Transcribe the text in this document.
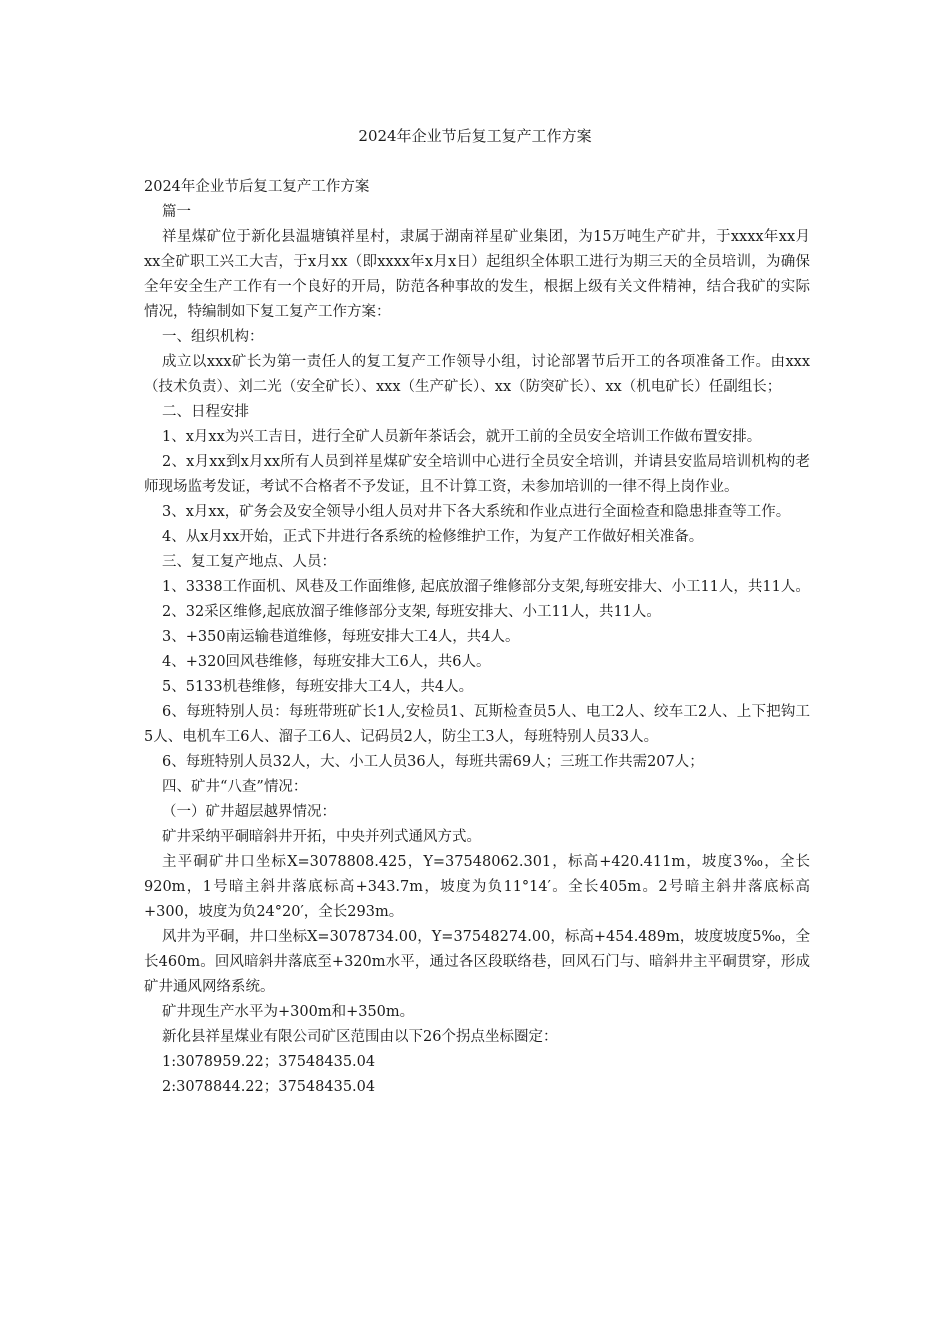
2024年企业节后复工复产工作方案

2024年企业节后复工复产工作方案

篇一

祥星煤矿位于新化县温塘镇祥星村，隶属于湖南祥星矿业集团，为15万吨生产矿井，于xxxx年xx月xx全矿职工兴工大吉，于x月xx（即xxxx年x月x日）起组织全体职工进行为期三天的全员培训，为确保全年安全生产工作有一个良好的开局，防范各种事故的发生，根据上级有关文件精神，结合我矿的实际情况，特编制如下复工复产工作方案：

一、组织机构：

成立以xxx矿长为第一责任人的复工复产工作领导小组，讨论部署节后开工的各项准备工作。由xxx（技术负责）、刘二光（安全矿长）、xxx（生产矿长）、xx（防突矿长）、xx（机电矿长）任副组长；

二、日程安排

1、x月xx为兴工吉日，进行全矿人员新年茶话会，就开工前的全员安全培训工作做布置安排。

2、x月xx到x月xx所有人员到祥星煤矿安全培训中心进行全员安全培训，并请县安监局培训机构的老师现场监考发证，考试不合格者不予发证，且不计算工资，未参加培训的一律不得上岗作业。

3、x月xx，矿务会及安全领导小组人员对井下各大系统和作业点进行全面检查和隐患排查等工作。

4、从x月xx开始，正式下井进行各系统的检修维护工作，为复产工作做好相关准备。

三、复工复产地点、人员：

1、3338工作面机、风巷及工作面维修, 起底放溜子维修部分支架,每班安排大、小工11人，共11人。

2、32采区维修,起底放溜子维修部分支架, 每班安排大、小工11人，共11人。

3、+350南运输巷道维修，每班安排大工4人，共4人。

4、+320回风巷维修，每班安排大工6人，共6人。

5、5133机巷维修，每班安排大工4人，共4人。

6、每班特别人员：每班带班矿长1人,安检员1、瓦斯检查员5人、电工2人、绞车工2人、上下把钩工5人、电机车工6人、溜子工6人、记码员2人，防尘工3人，每班特别人员33人。

6、每班特别人员32人，大、小工人员36人，每班共需69人；三班工作共需207人；

四、矿井“八查”情况：

（一）矿井超层越界情况：

矿井采纳平硐暗斜井开拓，中央并列式通风方式。

主平硐矿井口坐标X=3078808.425，Y=37548062.301，标高+420.411m，坡度3‰，全长920m，1号暗主斜井落底标高+343.7m，坡度为负11°14′。全长405m。2号暗主斜井落底标高+300，坡度为负24°20′，全长293m。

风井为平硐，井口坐标X=3078734.00，Y=37548274.00，标高+454.489m，坡度坡度5‰，全长460m。回风暗斜井落底至+320m水平，通过各区段联络巷，回风石门与、暗斜井主平硐贯穿，形成矿井通风网络系统。

矿井现生产水平为+300m和+350m。

新化县祥星煤业有限公司矿区范围由以下26个拐点坐标圈定：

1:3078959.22；37548435.04

2:3078844.22；37548435.04
